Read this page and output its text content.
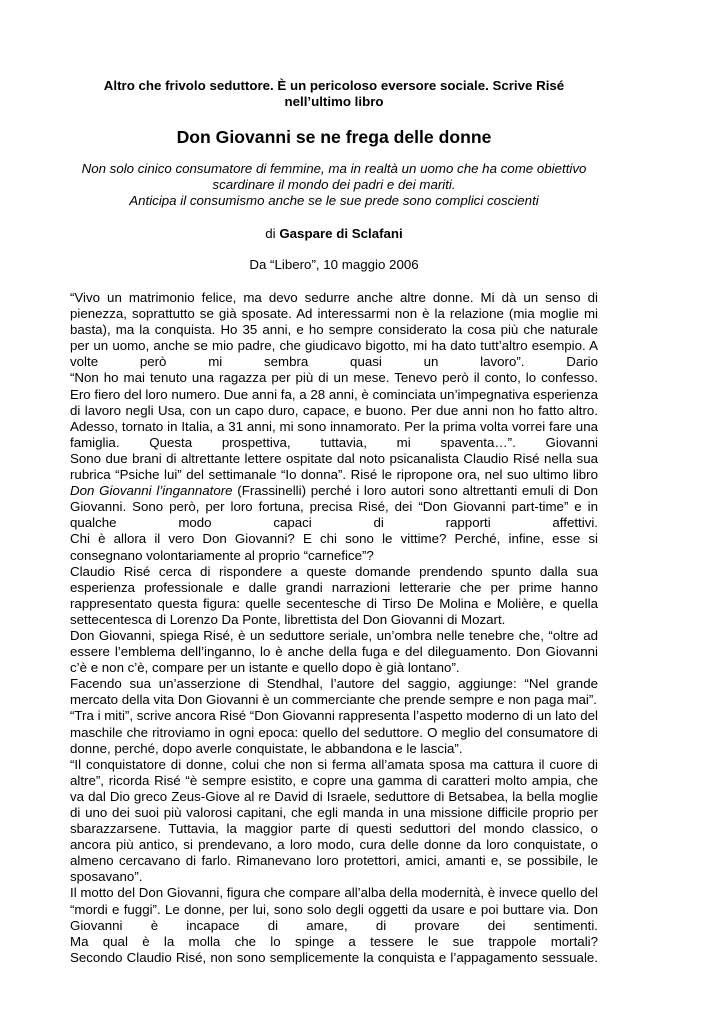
Altro che frivolo seduttore. È un pericoloso eversore sociale. Scrive Risé nell’ultimo libro

Don Giovanni se ne frega delle donne
Non solo cinico consumatore di femmine, ma in realtà un uomo che ha come obiettivo
scardinare il mondo dei padri e dei mariti.
Anticipa il consumismo anche se le sue prede sono complici coscienti
di Gaspare di Sclafani
Da “Libero”, 10 maggio 2006

“Vivo un matrimonio felice, ma devo sedurre anche altre donne. Mi dà un senso di pienezza, soprattutto se già sposate. Ad interessarmi non è la relazione (mia moglie mi basta), ma la conquista. Ho 35 anni, e ho sempre considerato la cosa più che naturale per un uomo, anche se mio padre, che giudicavo bigotto, mi ha dato tutt’altro esempio. A volte però mi sembra quasi un lavoro”. Dario

“Non ho mai tenuto una ragazza per più di un mese. Tenevo però il conto, lo confesso. Ero fiero del loro numero. Due anni fa, a 28 anni, è cominciata un’impegnativa esperienza di lavoro negli Usa, con un capo duro, capace, e buono. Per due anni non ho fatto altro. Adesso, tornato in Italia, a 31 anni, mi sono innamorato. Per la prima volta vorrei fare una famiglia. Questa prospettiva, tuttavia, mi spaventa…”. Giovanni

Sono due brani di altrettante lettere ospitate dal noto psicanalista Claudio Risé nella sua rubrica “Psiche lui” del settimanale “Io donna”. Risé le ripropone ora, nel suo ultimo libro Don Giovanni l’ingannatore (Frassinelli) perché i loro autori sono altrettanti emuli di Don Giovanni. Sono però, per loro fortuna, precisa Risé, dei “Don Giovanni part-time” e in qualche modo capaci di rapporti affettivi.

Chi è allora il vero Don Giovanni? E chi sono le vittime? Perché, infine, esse si consegnano volontariamente al proprio “carnefice”?

Claudio Risé cerca di rispondere a queste domande prendendo spunto dalla sua esperienza professionale e dalle grandi narrazioni letterarie che per prime hanno rappresentato questa figura: quelle secentesche di Tirso De Molina e Molière, e quella settecentesca di Lorenzo Da Ponte, librettista del Don Giovanni di Mozart.

Don Giovanni, spiega Risé, è un seduttore seriale, un’ombra nelle tenebre che, “oltre ad essere l’emblema dell’inganno, lo è anche della fuga e del dileguamento. Don Giovanni c’è e non c’è, compare per un istante e quello dopo è già lontano”.

Facendo sua un’asserzione di Stendhal, l’autore del saggio, aggiunge: “Nel grande mercato della vita Don Giovanni è un commerciante che prende sempre e non paga mai”.

“Tra i miti”, scrive ancora Risé “Don Giovanni rappresenta l’aspetto moderno di un lato del maschile che ritroviamo in ogni epoca: quello del seduttore. O meglio del consumatore di donne, perché, dopo averle conquistate, le abbandona e le lascia”.

“Il conquistatore di donne, colui che non si ferma all’amata sposa ma cattura il cuore di altre”, ricorda Risé “è sempre esistito, e copre una gamma di caratteri molto ampia, che va dal Dio greco Zeus-Giove al re David di Israele, seduttore di Betsabea, la bella moglie di uno dei suoi più valorosi capitani, che egli manda in una missione difficile proprio per sbarazzarsene. Tuttavia, la maggior parte di questi seduttori del mondo classico, o ancora più antico, si prendevano, a loro modo, cura delle donne da loro conquistate, o almeno cercavano di farlo. Rimanevano loro protettori, amici, amanti e, se possibile, le sposavano”.

Il motto del Don Giovanni, figura che compare all’alba della modernità, è invece quello del “mordi e fuggi”. Le donne, per lui, sono solo degli oggetti da usare e poi buttare via. Don Giovanni è incapace di amare, di provare dei sentimenti.

Ma qual è la molla che lo spinge a tessere le sue trappole mortali?

Secondo Claudio Risé, non sono semplicemente la conquista e l’appagamento sessuale.
